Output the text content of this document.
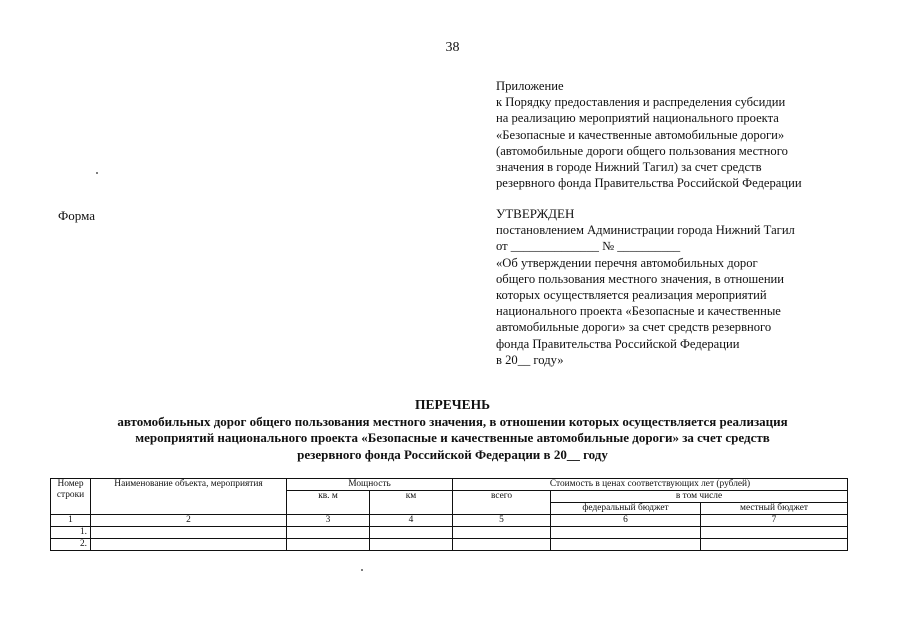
38
Приложение
к Порядку предоставления и распределения субсидии
на реализацию мероприятий национального проекта
«Безопасные и качественные автомобильные дороги»
(автомобильные дороги общего пользования местного
значения в городе Нижний Тагил) за счет средств
резервного фонда Правительства Российской Федерации
Форма	УТВЕРЖДЕН
постановлением Администрации города Нижний Тагил
от ______________ № __________
«Об утверждении перечня автомобильных дорог
общего пользования местного значения, в отношении
которых осуществляется реализация мероприятий
национального проекта «Безопасные и качественные
автомобильные дороги» за счет средств резервного
фонда Правительства Российской Федерации
в 20__ году»
ПЕРЕЧЕНЬ
автомобильных дорог общего пользования местного значения, в отношении которых осуществляется реализация
мероприятий национального проекта «Безопасные и качественные автомобильные дороги» за счет средств
резервного фонда Российской Федерации в 20__ году
Номер строки	Наименование объекта, мероприятия	Мощность		Стоимость в ценах соответствующих лет (рублей)		
		кв. м	км	всего	в том числе	
					федеральный бюджет	местный бюджет
1	2	3	4	5	6	7
1.						
2.						
